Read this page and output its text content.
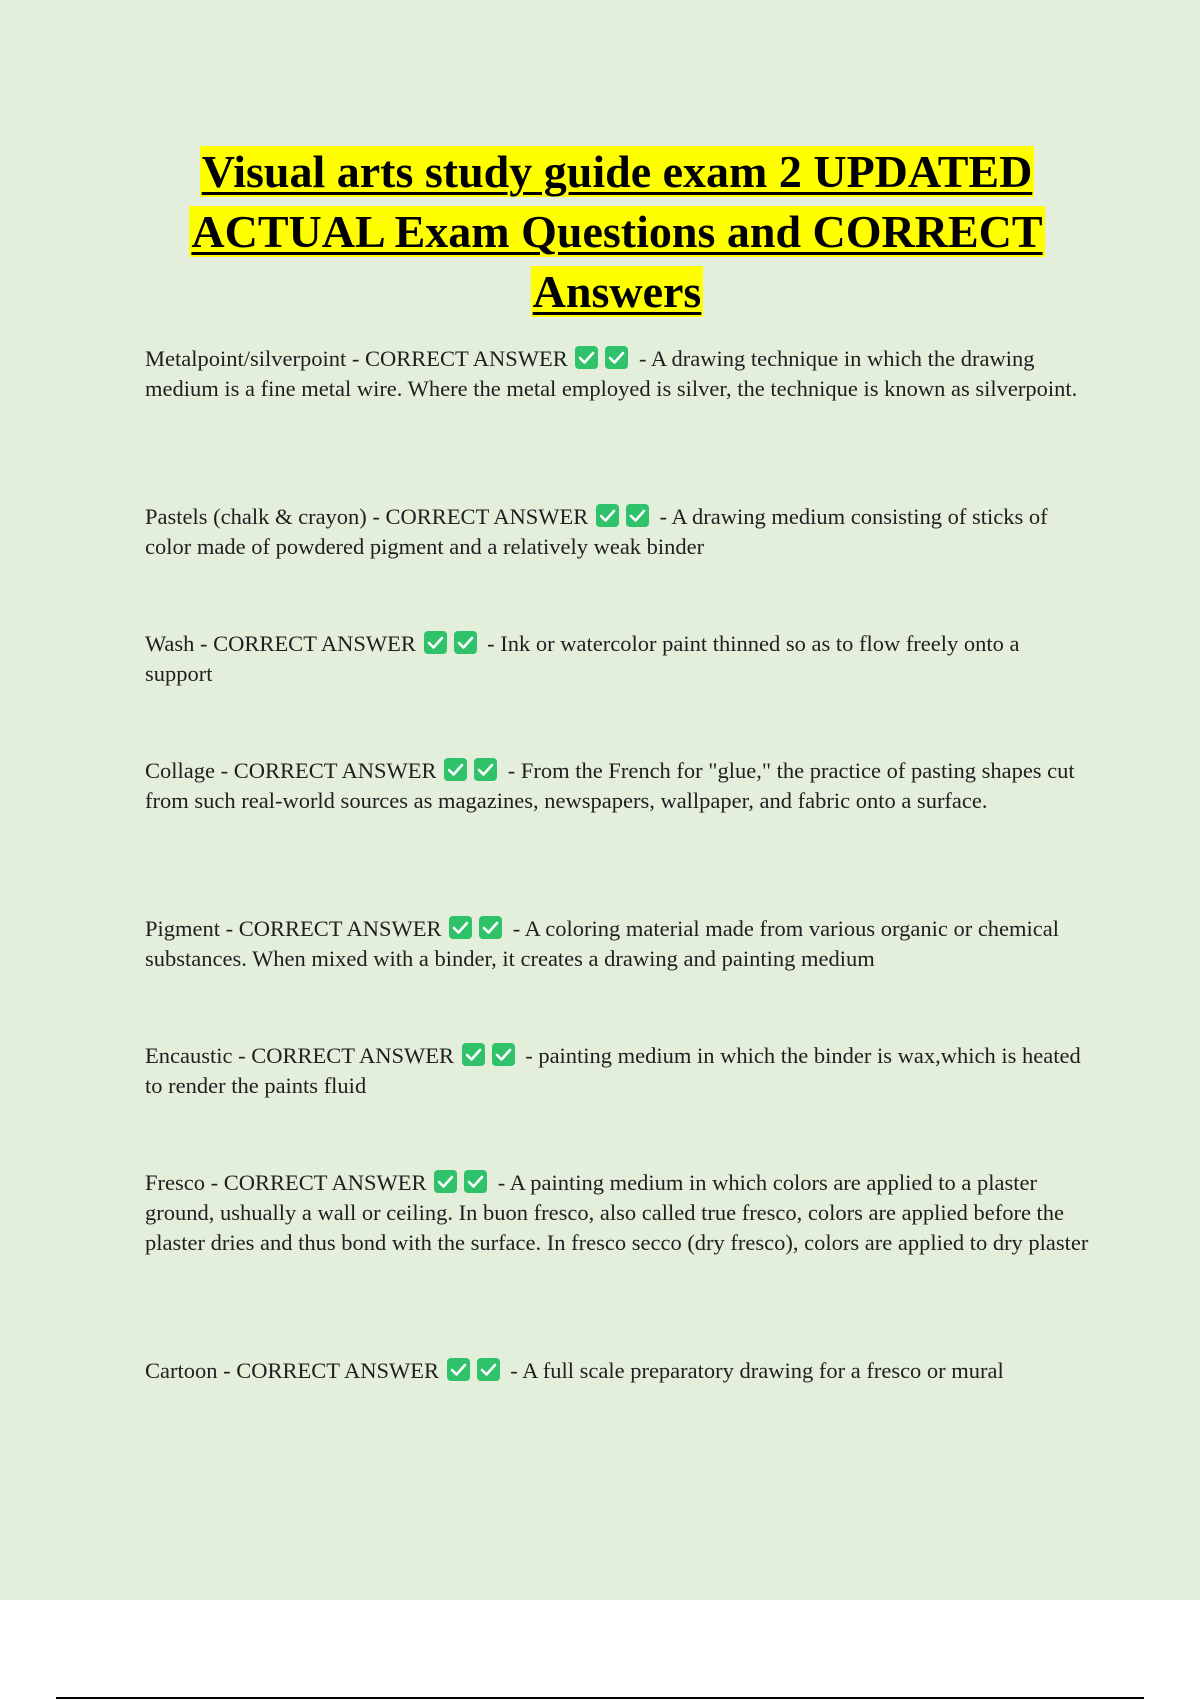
Visual arts study guide exam 2 UPDATED
ACTUAL Exam Questions and CORRECT
Answers
Metalpoint/silverpoint - CORRECT ANSWER	- A drawing technique in which the drawing medium is a fine metal wire. Where the metal employed is silver, the technique is known as silverpoint.
Pastels (chalk & crayon) - CORRECT ANSWER	- A drawing medium consisting of sticks of color made of powdered pigment and a relatively weak binder
Wash - CORRECT ANSWER	- Ink or watercolor paint thinned so as to flow freely onto a support
Collage - CORRECT ANSWER	- From the French for "glue," the practice of pasting shapes cut from such real-world sources as magazines, newspapers, wallpaper, and fabric onto a surface.
Pigment - CORRECT ANSWER	- A coloring material made from various organic or chemical substances. When mixed with a binder, it creates a drawing and painting medium
Encaustic - CORRECT ANSWER	- painting medium in which the binder is wax,which is heated to render the paints fluid
Fresco - CORRECT ANSWER	- A painting medium in which colors are applied to a plaster ground, ushually a wall or ceiling. In buon fresco, also called true fresco, colors are applied before the plaster dries and thus bond with the surface. In fresco secco (dry fresco), colors are applied to dry plaster
Cartoon - CORRECT ANSWER	- A full scale preparatory drawing for a fresco or mural
